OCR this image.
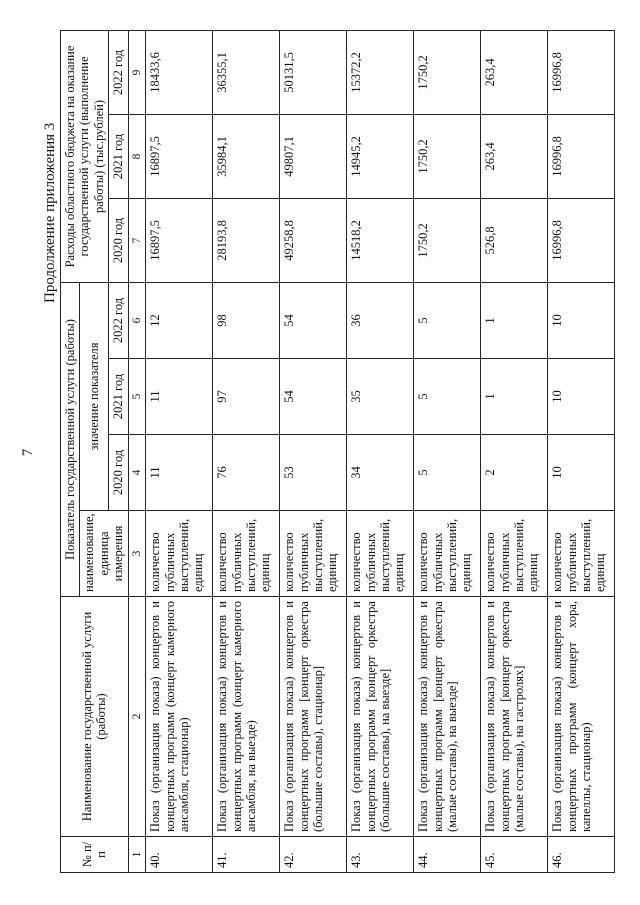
7
Продолжение приложения 3
№ п/п	Наименование государственной услуги (работы)	Показатель государственной услуги (работы)				Расходы областного бюджета на оказание государственной услуги (выполнение работы) (тыс.рублей)		
		наименование, единица измерения	значение показателя					
			2020 год	2021 год	2022 год	2020 год	2021 год	2022 год
1	2	3	4	5	6	7	8	9
40.	Показ (организация показа) концертов и концертных программ (концерт камерного ансамбля, стационар)	количество публичных выступлений, единиц	11	11	12	16897,5	16897,5	18433,6
41.	Показ (организация показа) концертов и концертных программ (концерт камерного ансамбля, на выезде)	количество публичных выступлений, единиц	76	97	98	28193,8	35984,1	36355,1
42.	Показ (организация показа) концертов и концертных программ [концерт оркестра (большие составы), стационар]	количество публичных выступлений, единиц	53	54	54	49258,8	49807,1	50131,5
43.	Показ (организация показа) концертов и концертных программ [концерт оркестра (большие составы), на выезде]	количество публичных выступлений, единиц	34	35	36	14518,2	14945,2	15372,2
44.	Показ (организация показа) концертов и концертных программ [концерт оркестра (малые составы), на выезде]	количество публичных выступлений, единиц	5	5	5	1750,2	1750,2	1750,2
45.	Показ (организация показа) концертов и концертных программ [концерт оркестра (малые составы), на гастролях]	количество публичных выступлений, единиц	2	1	1	526,8	263,4	263,4
46.	Показ (организация показа) концертов и концертных программ (концерт хора, капеллы, стационар)	количество публичных выступлений, единиц	10	10	10	16996,8	16996,8	16996,8
